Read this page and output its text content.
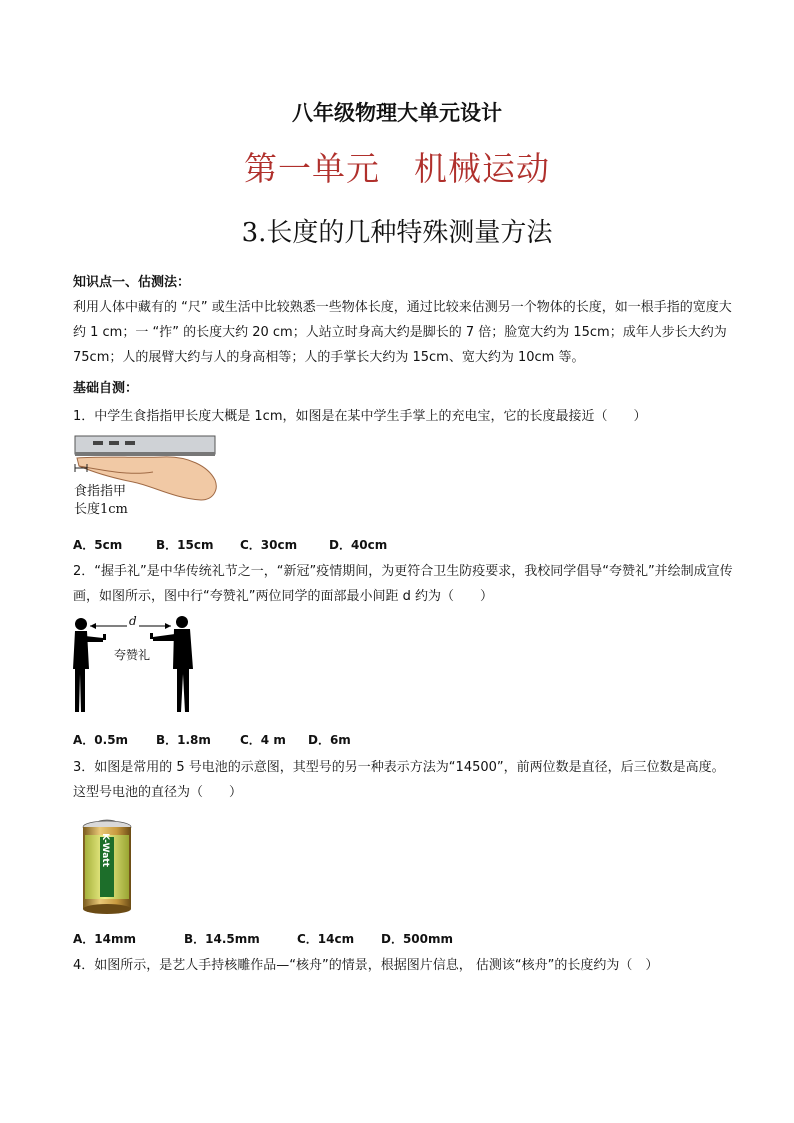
八年级物理大单元设计
第一单元　机械运动
3.长度的几种特殊测量方法
知识点一、估测法：
利用人体中藏有的 “尺” 或生活中比较熟悉一些物体长度，通过比较来估测另一个物体的长度，如一根手指的宽度大约 1 cm；一 “拃” 的长度大约 20 cm；人站立时身高大约是脚长的 7 倍；脸宽大约为 15cm；成年人步长大约为 75cm；人的展臂大约与人的身高相等；人的手掌长大约为 15cm、宽大约为 10cm 等。
基础自测：
1．中学生食指指甲长度大概是 1cm，如图是在某中学生手掌上的充电宝，它的长度最接近（　　）
食指指甲
长度1cm
A．5cm	B．15cm	C．30cm	D．40cm
2．“握手礼”是中华传统礼节之一，“新冠”疫情期间，为更符合卫生防疫要求，我校同学倡导“夸赞礼”并绘制成宣传画，如图所示，图中行“夸赞礼”两位同学的面部最小间距 d 约为（　　）
d
夸赞礼
A．0.5m	B．1.8m	C．4 m	D．6m
3．如图是常用的 5 号电池的示意图，其型号的另一种表示方法为“14500”，前两位数是直径，后三位数是高度。这型号电池的直径为（　　）
K-Watt
A．14mm	B．14.5mm	C．14cm	D．500mm
4．如图所示，是艺人手持核雕作品—“核舟”的情景，根据图片信息， 估测该“核舟”的长度约为（　）
